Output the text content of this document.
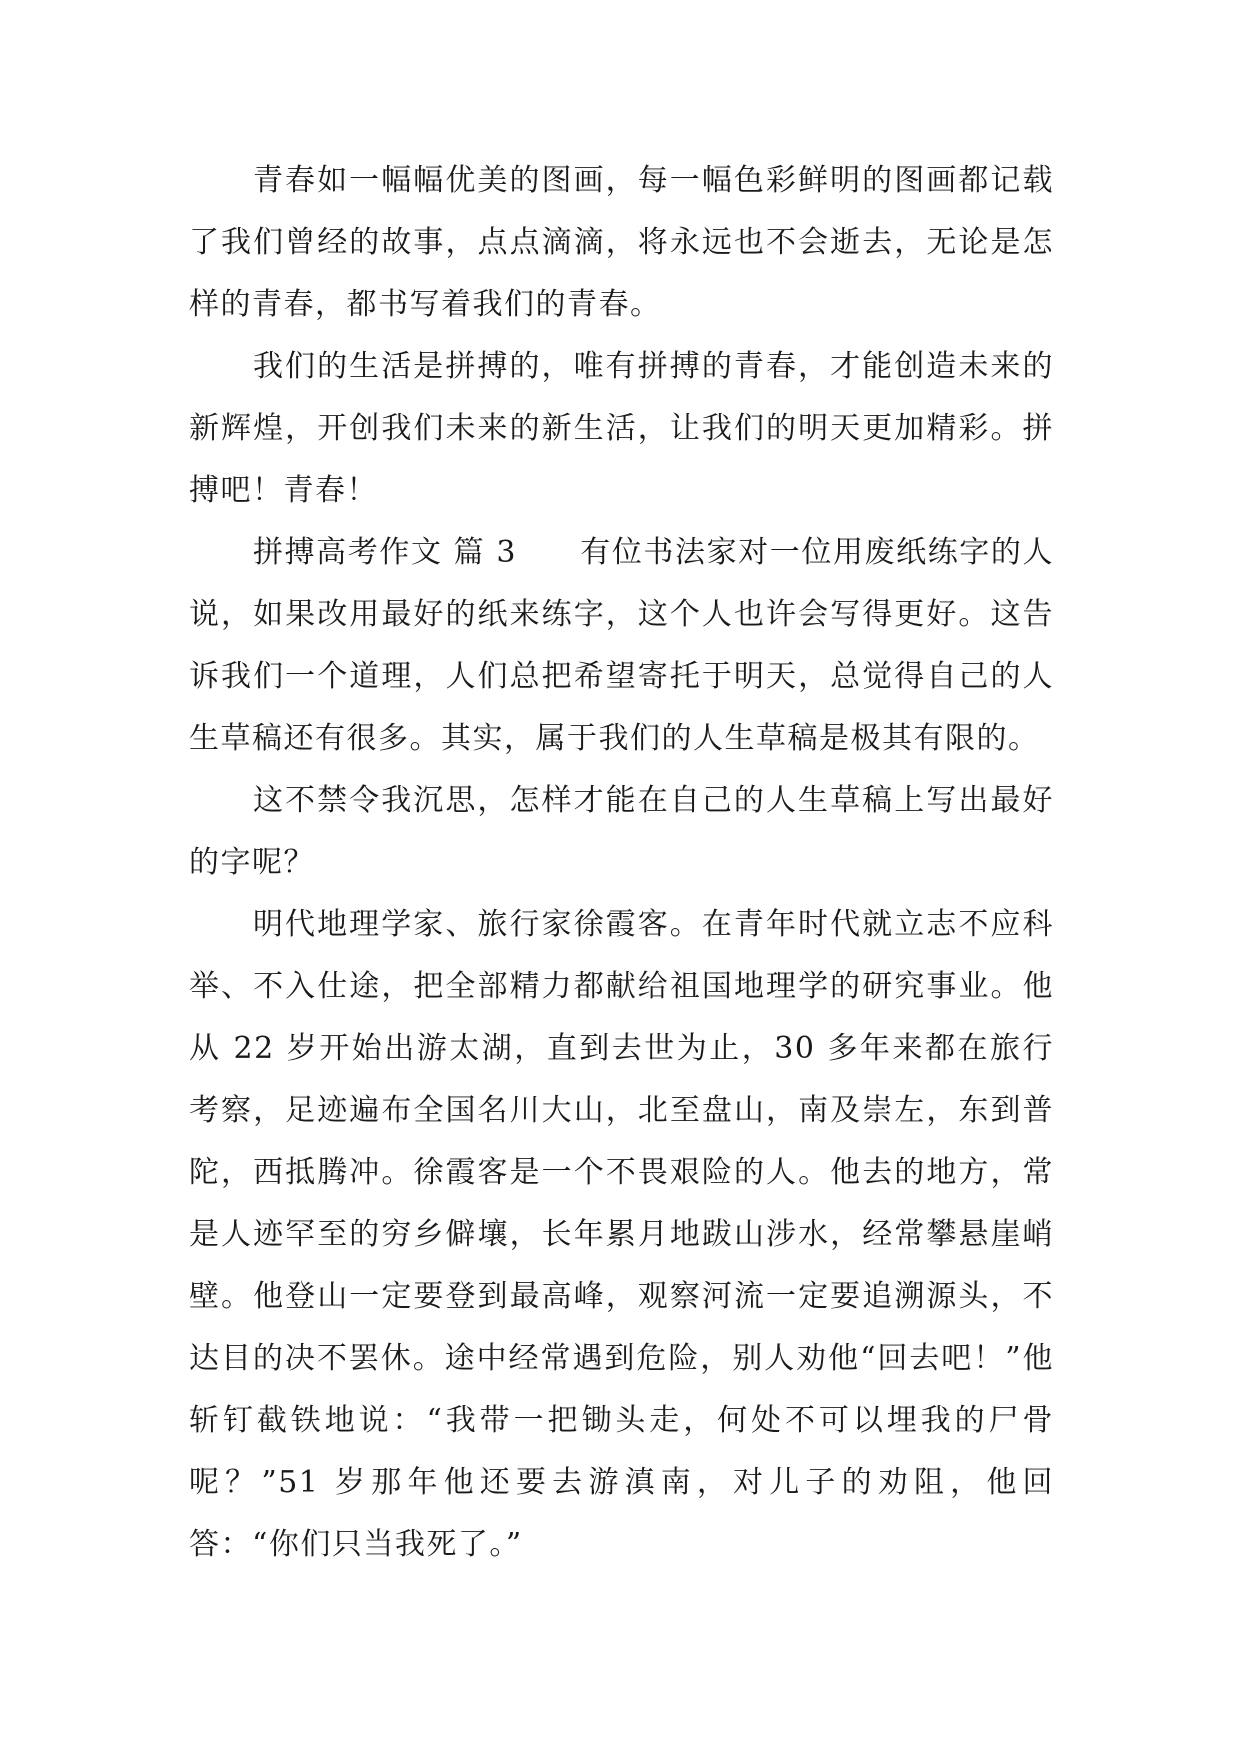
青春如一幅幅优美的图画，每一幅色彩鲜明的图画都记载了我们曾经的故事，点点滴滴，将永远也不会逝去，无论是怎样的青春，都书写着我们的青春。

我们的生活是拼搏的，唯有拼搏的青春，才能创造未来的新辉煌，开创我们未来的新生活，让我们的明天更加精彩。拼搏吧！青春！

拼搏高考作文 篇 3　　有位书法家对一位用废纸练字的人说，如果改用最好的纸来练字，这个人也许会写得更好。这告诉我们一个道理，人们总把希望寄托于明天，总觉得自己的人生草稿还有很多。其实，属于我们的人生草稿是极其有限的。

这不禁令我沉思，怎样才能在自己的人生草稿上写出最好的字呢？

明代地理学家、旅行家徐霞客。在青年时代就立志不应科举、不入仕途，把全部精力都献给祖国地理学的研究事业。他从 22 岁开始出游太湖，直到去世为止，30 多年来都在旅行考察，足迹遍布全国名川大山，北至盘山，南及崇左，东到普陀，西抵腾冲。徐霞客是一个不畏艰险的人。他去的地方，常是人迹罕至的穷乡僻壤，长年累月地跋山涉水，经常攀悬崖峭壁。他登山一定要登到最高峰，观察河流一定要追溯源头，不达目的决不罢休。途中经常遇到危险，别人劝他“回去吧！”他斩钉截铁地说：“我带一把锄头走，何处不可以埋我的尸骨呢？”51 岁那年他还要去游滇南，对儿子的劝阻，他回答：“你们只当我死了。”
